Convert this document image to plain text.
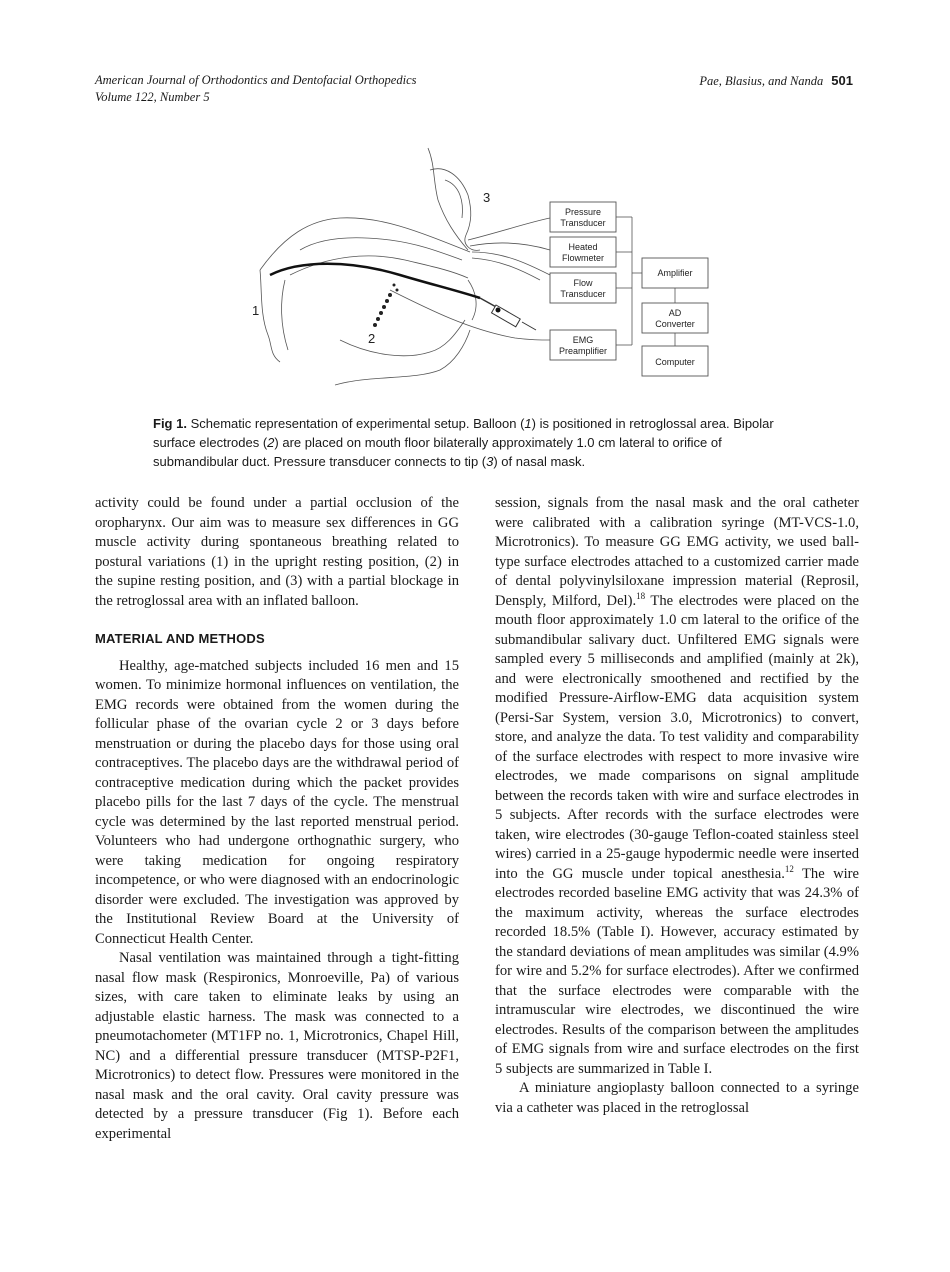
American Journal of Orthodontics and Dentofacial Orthopedics
Volume 122, Number 5
Pae, Blasius, and Nanda 501
1
2
3
Pressure
Transducer
Heated
Flowmeter
Flow
Transducer
EMG
Preamplifier
Amplifier
AD
Converter
Computer
Fig 1. Schematic representation of experimental setup. Balloon (1) is positioned in retroglossal area. Bipolar surface electrodes (2) are placed on mouth floor bilaterally approximately 1.0 cm lateral to orifice of submandibular duct. Pressure transducer connects to tip (3) of nasal mask.

activity could be found under a partial occlusion of the oropharynx. Our aim was to measure sex differences in GG muscle activity during spontaneous breathing related to postural variations (1) in the upright resting position, (2) in the supine resting position, and (3) with a partial blockage in the retroglossal area with an inflated balloon.

MATERIAL AND METHODS

Healthy, age-matched subjects included 16 men and 15 women. To minimize hormonal influences on ventilation, the EMG records were obtained from the women during the follicular phase of the ovarian cycle 2 or 3 days before menstruation or during the placebo days for those using oral contraceptives. The placebo days are the withdrawal period of contraceptive medication during which the packet provides placebo pills for the last 7 days of the cycle. The menstrual cycle was determined by the last reported menstrual period. Volunteers who had undergone orthognathic surgery, who were taking medication for ongoing respiratory incompetence, or who were diagnosed with an endocrinologic disorder were excluded. The investigation was approved by the Institutional Review Board at the University of Connecticut Health Center.

Nasal ventilation was maintained through a tight-fitting nasal flow mask (Respironics, Monroeville, Pa) of various sizes, with care taken to eliminate leaks by using an adjustable elastic harness. The mask was connected to a pneumotachometer (MT1FP no. 1, Microtronics, Chapel Hill, NC) and a differential pressure transducer (MTSP-P2F1, Microtronics) to detect flow. Pressures were monitored in the nasal mask and the oral cavity. Oral cavity pressure was detected by a pressure transducer (Fig 1). Before each experimental

session, signals from the nasal mask and the oral catheter were calibrated with a calibration syringe (MT-VCS-1.0, Microtronics). To measure GG EMG activity, we used ball-type surface electrodes attached to a customized carrier made of dental polyvinylsiloxane impression material (Reprosil, Densply, Milford, Del).$^{18}$ The electrodes were placed on the mouth floor approximately 1.0 cm lateral to the orifice of the submandibular salivary duct. Unfiltered EMG signals were sampled every 5 milliseconds and amplified (mainly at 2k), and were electronically smoothened and rectified by the modified Pressure-Airflow-EMG data acquisition system (Persi-Sar System, version 3.0, Microtronics) to convert, store, and analyze the data. To test validity and comparability of the surface electrodes with respect to more invasive wire electrodes, we made comparisons on signal amplitude between the records taken with wire and surface electrodes in 5 subjects. After records with the surface electrodes were taken, wire electrodes (30-gauge Teflon-coated stainless steel wires) carried in a 25-gauge hypodermic needle were inserted into the GG muscle under topical anesthesia.$^{12}$ The wire electrodes recorded baseline EMG activity that was 24.3% of the maximum activity, whereas the surface electrodes recorded 18.5% (Table I). However, accuracy estimated by the standard deviations of mean amplitudes was similar (4.9% for wire and 5.2% for surface electrodes). After we confirmed that the surface electrodes were comparable with the intramuscular wire electrodes, we discontinued the wire electrodes. Results of the comparison between the amplitudes of EMG signals from wire and surface electrodes on the first 5 subjects are summarized in Table I.

A miniature angioplasty balloon connected to a syringe via a catheter was placed in the retroglossal
